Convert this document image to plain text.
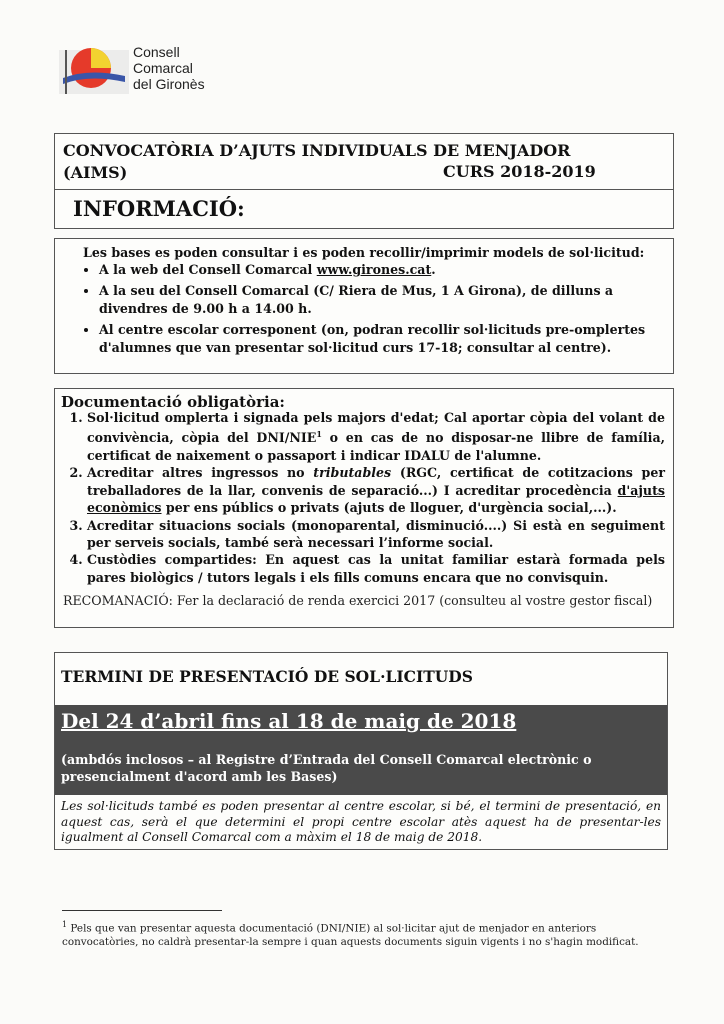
Consell
Comarcal
del Gironès
CONVOCATÒRIA D’AJUTS INDIVIDUALS DE MENJADOR
(AIMS)	CURS 2018-2019
INFORMACIÓ:
Les bases es poden consultar i es poden recollir/imprimir models de sol·licitud:
• A la web del Consell Comarcal www.girones.cat.
• A la seu del Consell Comarcal (C/ Riera de Mus, 1 A Girona), de dilluns a divendres de 9.00 h a 14.00 h.
• Al centre escolar corresponent (on, podran recollir sol·licituds pre-omplertes d'alumnes que van presentar sol·licitud curs 17-18; consultar al centre).
Documentació obligatòria:
1. Sol·licitud omplerta i signada pels majors d'edat; Cal aportar còpia del volant de convivència, còpia del DNI/NIE$^1$ o en cas de no disposar-ne llibre de família, certificat de naixement o passaport i indicar IDALU de l'alumne.
2. Acreditar altres ingressos no tributables (RGC, certificat de cotitzacions per treballadores de la llar, convenis de separació...) I acreditar procedència d'ajuts econòmics per ens públics o privats (ajuts de lloguer, d'urgència social,...).
3. Acreditar situacions socials (monoparental, disminució....) Si està en seguiment per serveis socials, també serà necessari l’informe social.
4. Custòdies compartides: En aquest cas la unitat familiar estarà formada pels pares biològics / tutors legals i els fills comuns encara que no convisquin.
RECOMANACIÓ: Fer la declaració de renda exercici 2017 (consulteu al vostre gestor fiscal)
TERMINI DE PRESENTACIÓ DE SOL·LICITUDS
Del 24 d’abril fins al 18 de maig de 2018
(ambdós inclosos – al Registre d’Entrada del Consell Comarcal electrònic o presencialment d'acord amb les Bases)
Les sol·licituds també es poden presentar al centre escolar, si bé, el termini de presentació, en aquest cas, serà el que determini el propi centre escolar atès aquest ha de presentar-les igualment al Consell Comarcal com a màxim el 18 de maig de 2018.
$^1$ Pels que van presentar aquesta documentació (DNI/NIE) al sol·licitar ajut de menjador en anteriors convocatòries, no caldrà presentar-la sempre i quan aquests documents siguin vigents i no s'hagin modificat.
